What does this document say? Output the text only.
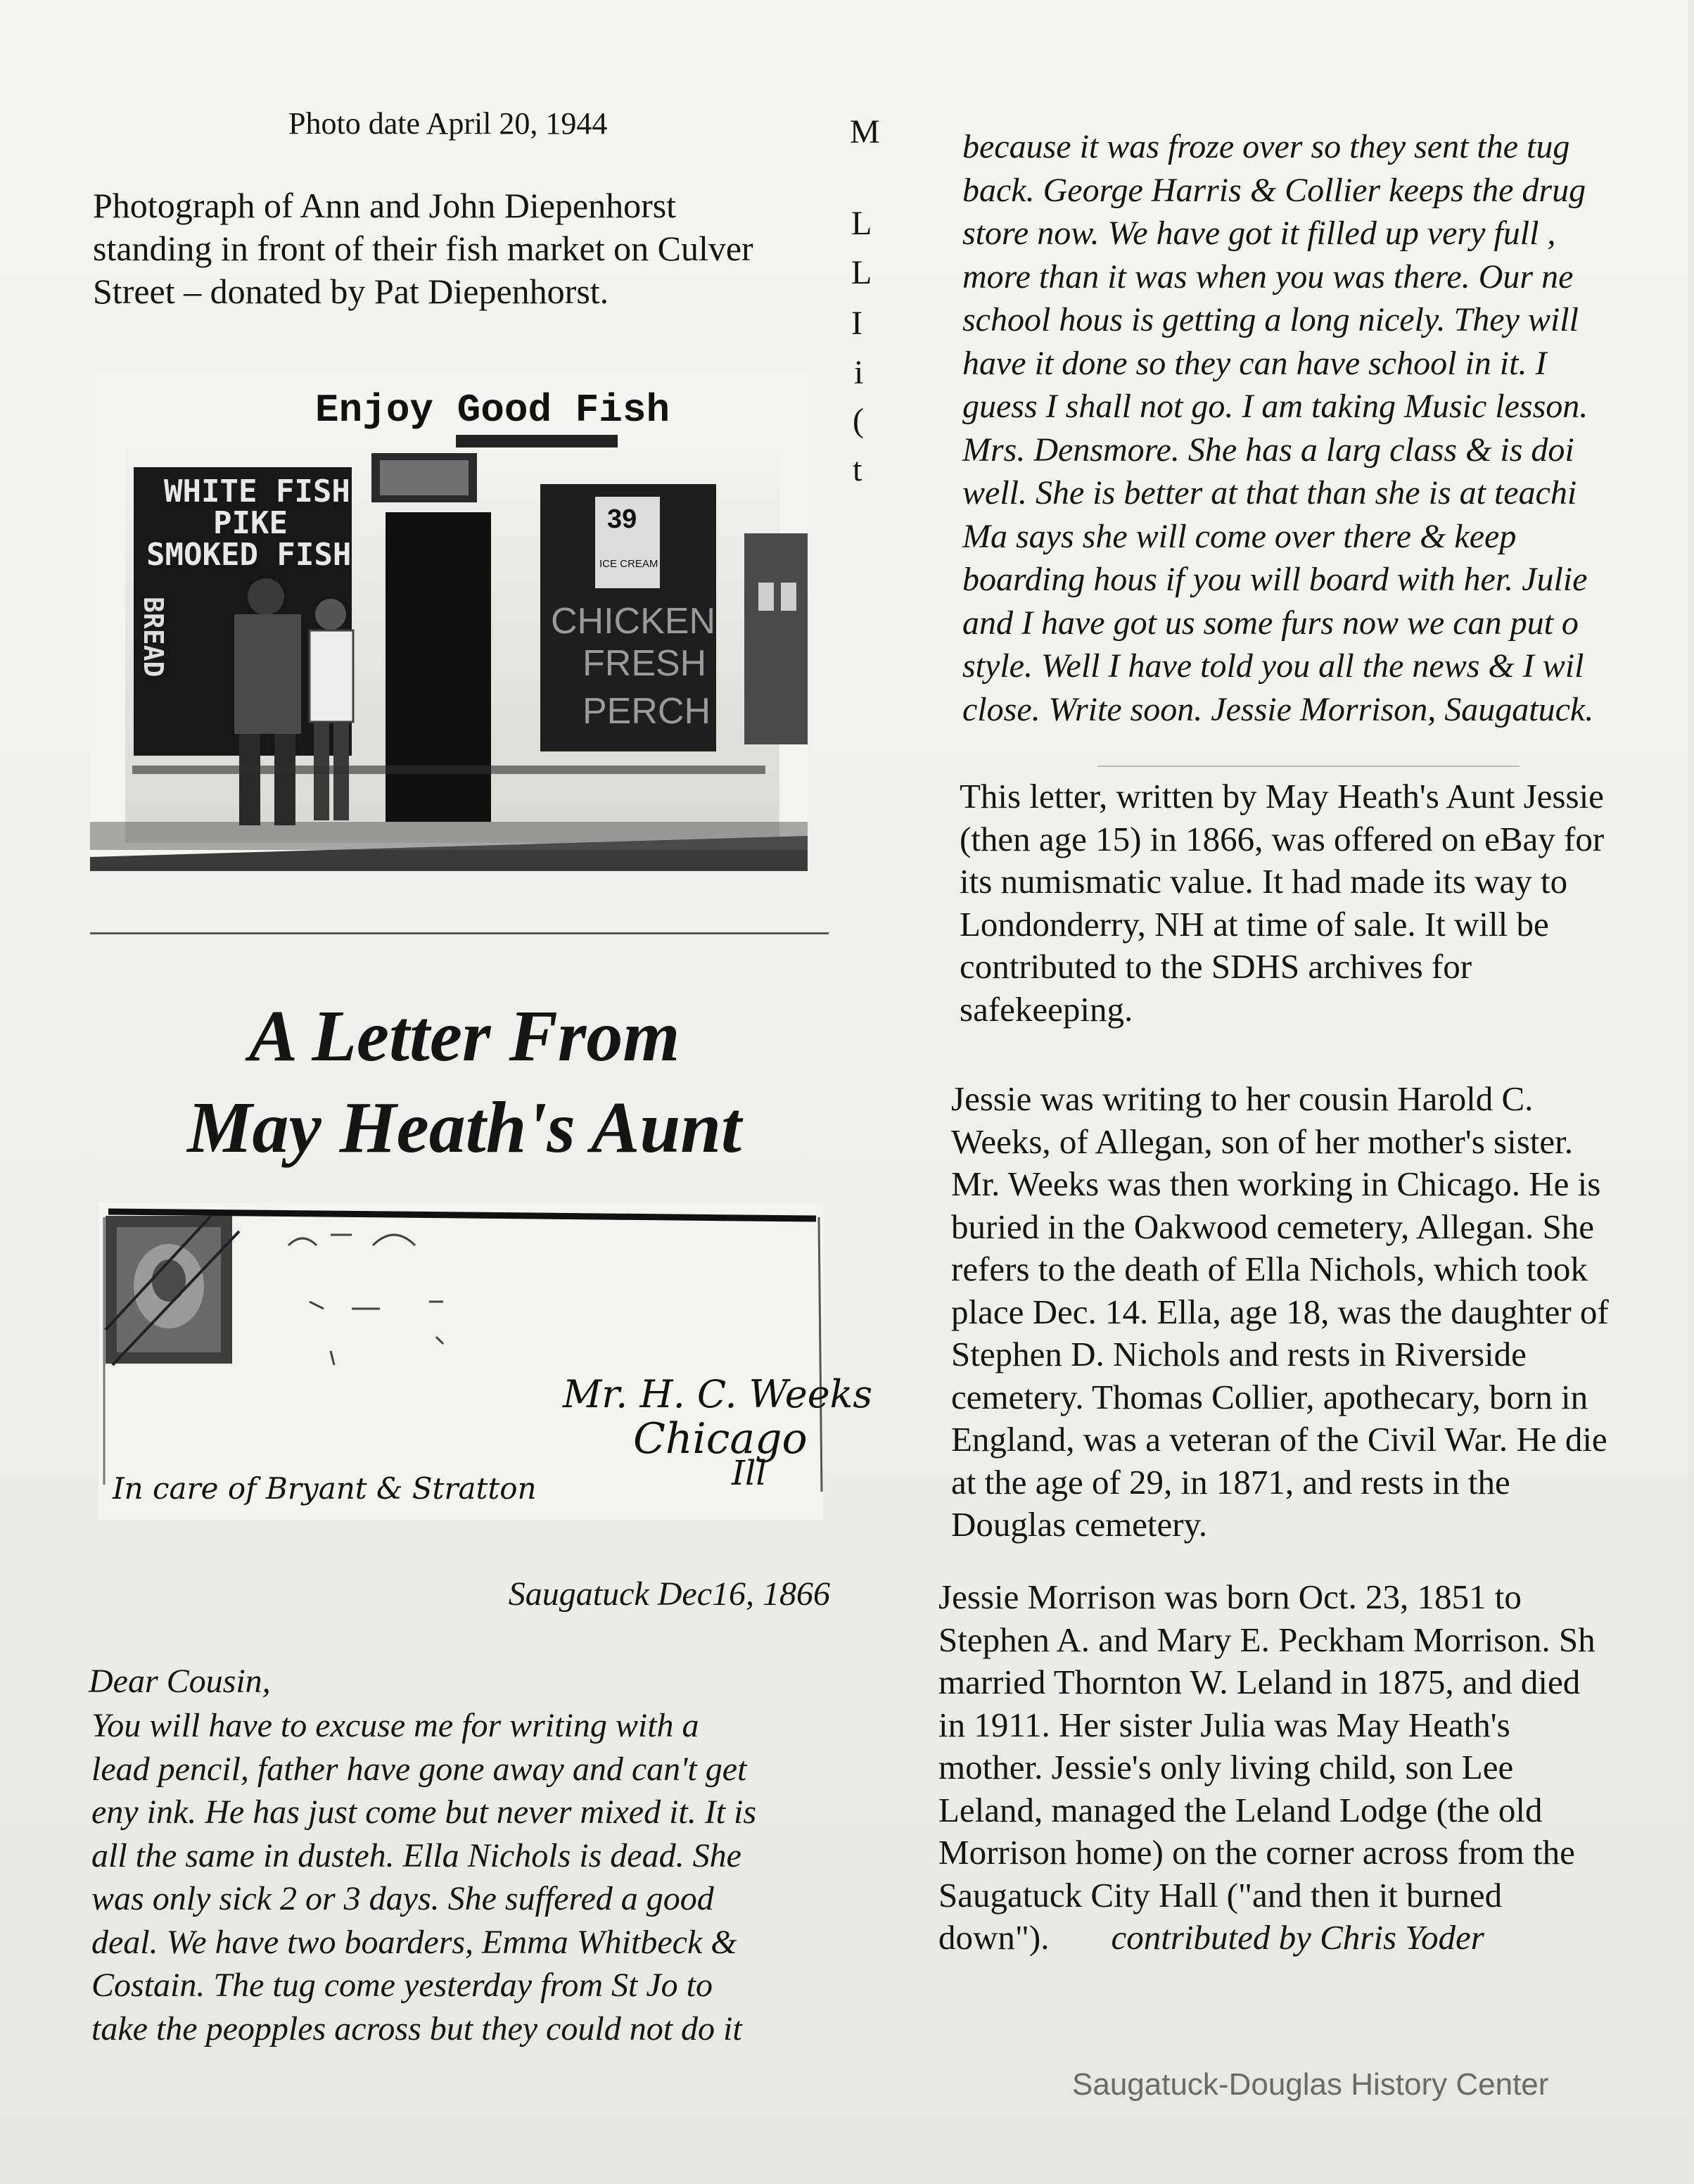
Photo date April 20, 1944
Photograph of Ann and John Diepenhorst
standing in front of their fish market on Culver
Street – donated by Pat Diepenhorst.
Enjoy Good Fish
WHITE FISH
PIKE
SMOKED FISH
BREAD
39
ICE CREAM
CHICKEN
FRESH
PERCH
A Letter From
May Heath's Aunt
Mr. H. C. Weeks
Chicago
Ill
In care of Bryant & Stratton
Saugatuck Dec16, 1866
Dear Cousin,
You will have to excuse me for writing with a
lead pencil, father have gone away and can't get
eny ink. He has just come but never mixed it. It is
all the same in dusteh. Ella Nichols is dead. She
was only sick 2 or 3 days. She suffered a good
deal. We have two boarders, Emma Whitbeck &
Costain. The tug come yesterday from St Jo to
take the peopples across but they could not do it
M
L
L
I
i
(
t
because it was froze over so they sent the tug
back. George Harris & Collier keeps the drug
store now. We have got it filled up very full ,
more than it was when you was there. Our ne
school hous is getting a long nicely. They will
have it done so they can have school in it. I
guess I shall not go. I am taking Music lesson.
Mrs. Densmore. She has a larg class & is doi
well. She is better at that than she is at teachi
Ma says she will come over there & keep
boarding hous if you will board with her. Julie
and I have got us some furs now we can put o
style. Well I have told you all the news & I wil
close. Write soon. Jessie Morrison, Saugatuck.
This letter, written by May Heath's Aunt Jessie
(then age 15) in 1866, was offered on eBay for
its numismatic value. It had made its way to
Londonderry, NH at time of sale. It will be
contributed to the SDHS archives for
safekeeping.
Jessie was writing to her cousin Harold C.
Weeks, of Allegan, son of her mother's sister.
Mr. Weeks was then working in Chicago. He is
buried in the Oakwood cemetery, Allegan. She
refers to the death of Ella Nichols, which took
place Dec. 14. Ella, age 18, was the daughter of
Stephen D. Nichols and rests in Riverside
cemetery. Thomas Collier, apothecary, born in
England, was a veteran of the Civil War. He die
at the age of 29, in 1871, and rests in the
Douglas cemetery.
Jessie Morrison was born Oct. 23, 1851 to
Stephen A. and Mary E. Peckham Morrison. Sh
married Thornton W. Leland in 1875, and died
in 1911. Her sister Julia was May Heath's
mother. Jessie's only living child, son Lee
Leland, managed the Leland Lodge (the old
Morrison home) on the corner across from the
Saugatuck City Hall ("and then it burned
down"). contributed by Chris Yoder
Saugatuck-Douglas History Center
